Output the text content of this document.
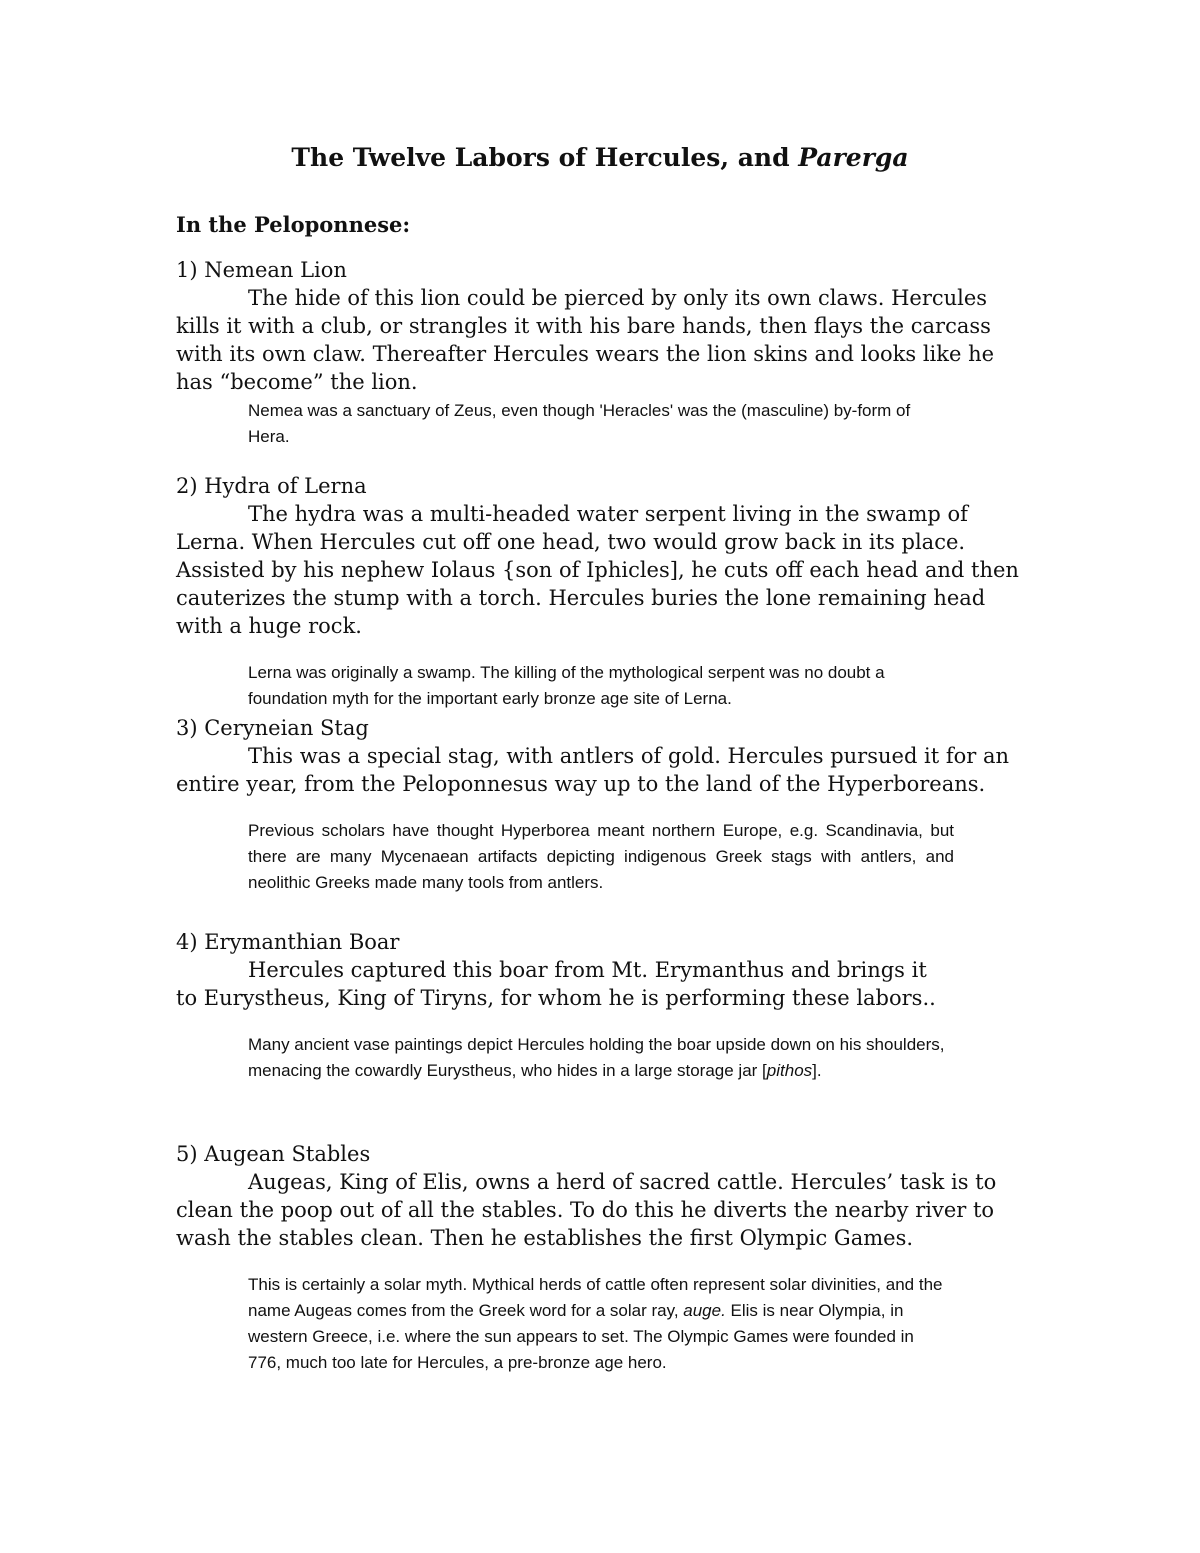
The Twelve Labors of Hercules, and Parerga
In the Peloponnese:

1) Nemean Lion

The hide of this lion could be pierced by only its own claws. Hercules kills it with a club, or strangles it with his bare hands, then flays the carcass with its own claw. Thereafter Hercules wears the lion skins and looks like he has “become” the lion.

Nemea was a sanctuary of Zeus, even though 'Heracles' was the (masculine) by-form of Hera.

2) Hydra of Lerna

The hydra was a multi-headed water serpent living in the swamp of Lerna. When Hercules cut off one head, two would grow back in its place. Assisted by his nephew Iolaus {son of Iphicles], he cuts off each head and then cauterizes the stump with a torch. Hercules buries the lone remaining head with a huge rock.

Lerna was originally a swamp. The killing of the mythological serpent was no doubt a foundation myth for the important early bronze age site of Lerna.

3) Ceryneian Stag

This was a special stag, with antlers of gold. Hercules pursued it for an entire year, from the Peloponnesus way up to the land of the Hyperboreans.

Previous scholars have thought Hyperborea meant northern Europe, e.g. Scandinavia, but there are many Mycenaean artifacts depicting indigenous Greek stags with antlers, and neolithic Greeks made many tools from antlers.

4) Erymanthian Boar

Hercules captured this boar from Mt. Erymanthus and brings it to Eurystheus, King of Tiryns, for whom he is performing these labors..

Many ancient vase paintings depict Hercules holding the boar upside down on his shoulders, menacing the cowardly Eurystheus, who hides in a large storage jar [pithos].

5) Augean Stables

Augeas, King of Elis, owns a herd of sacred cattle. Hercules’ task is to clean the poop out of all the stables. To do this he diverts the nearby river to wash the stables clean. Then he establishes the first Olympic Games.

This is certainly a solar myth. Mythical herds of cattle often represent solar divinities, and the name Augeas comes from the Greek word for a solar ray, auge. Elis is near Olympia, in western Greece, i.e. where the sun appears to set. The Olympic Games were founded in 776, much too late for Hercules, a pre-bronze age hero.
